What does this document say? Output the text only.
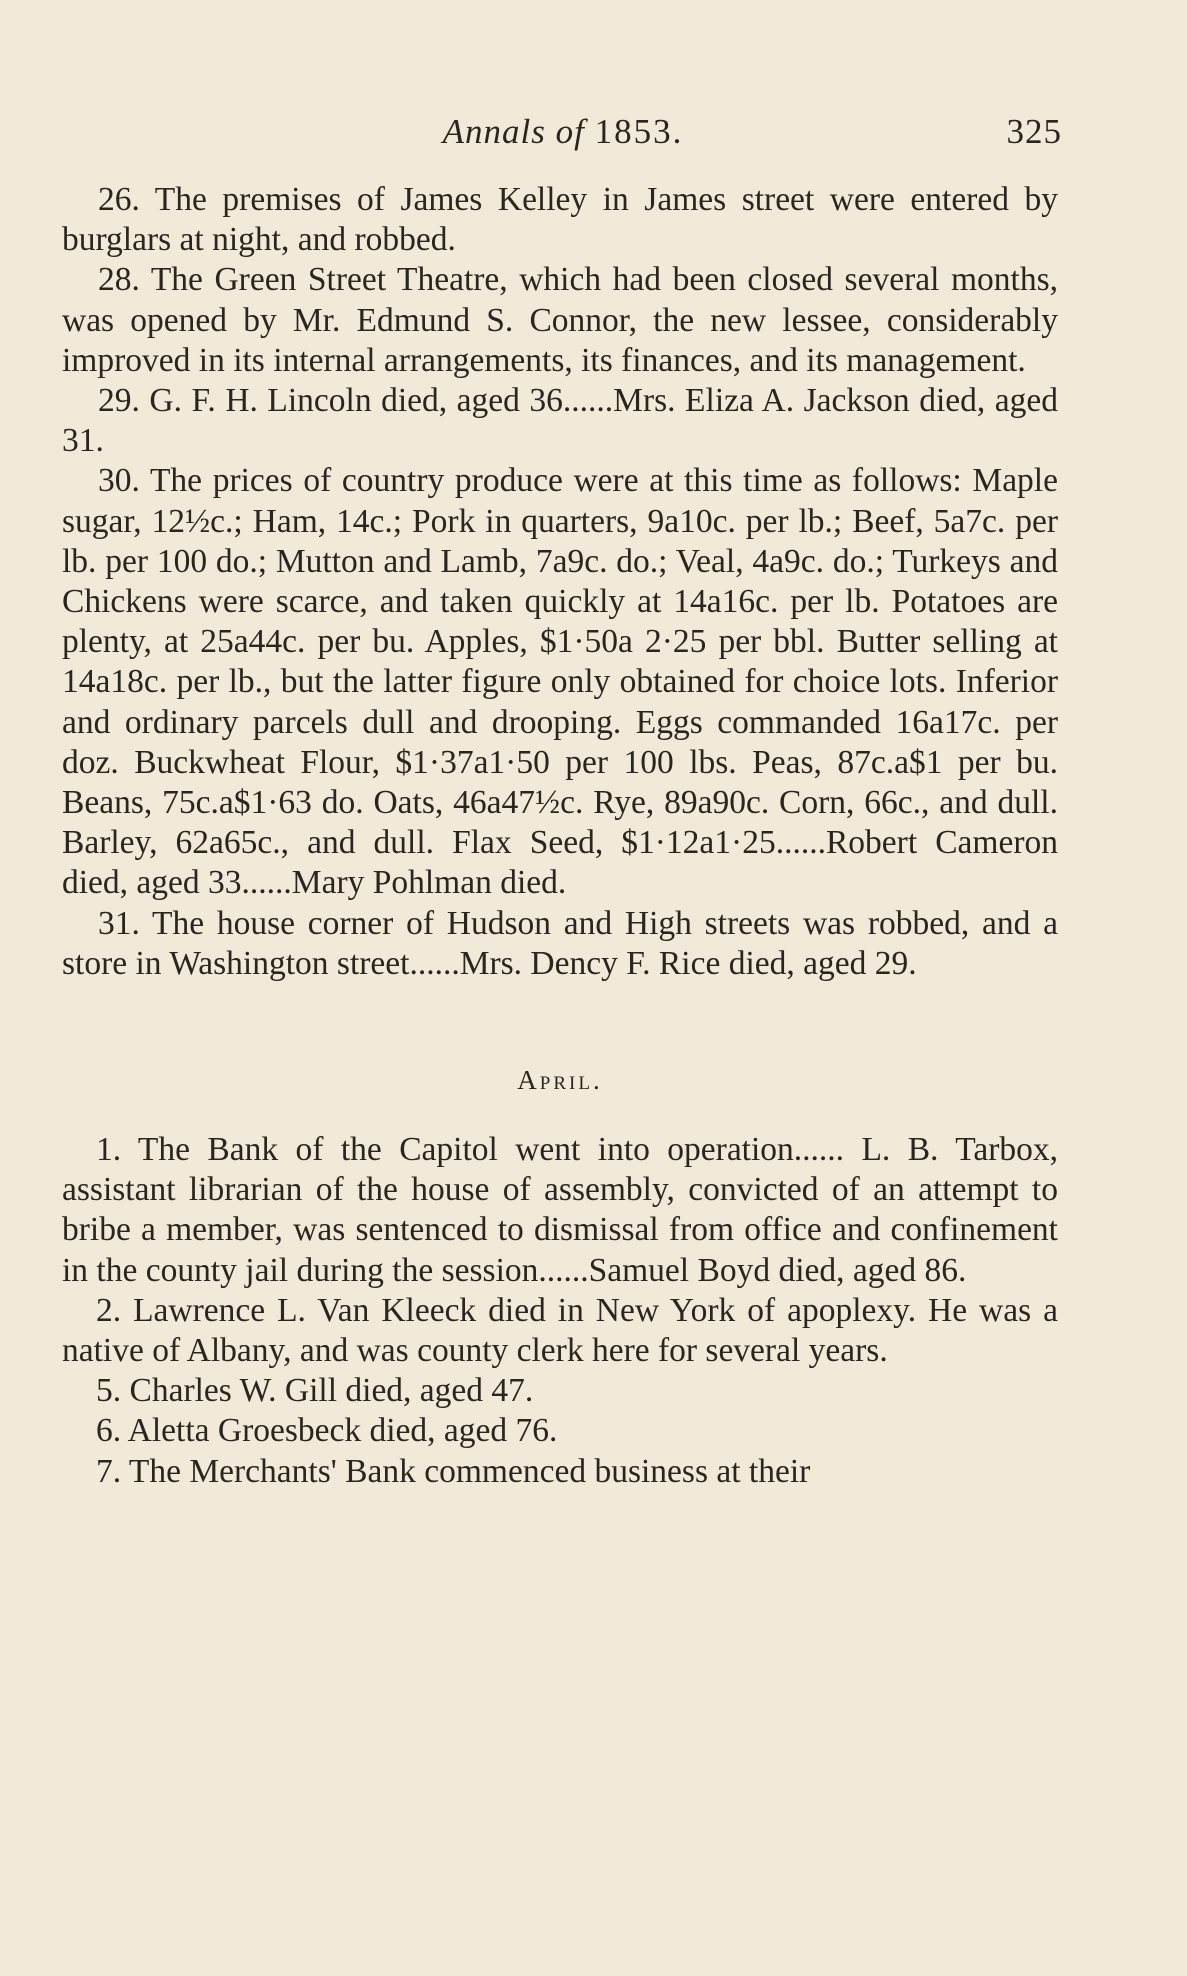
Annals of 1853.	325

26. The premises of James Kelley in James street were entered by burglars at night, and robbed.

28. The Green Street Theatre, which had been closed several months, was opened by Mr. Edmund S. Connor, the new lessee, considerably improved in its internal arrangements, its finances, and its management.

29. G. F. H. Lincoln died, aged 36......Mrs. Eliza A. Jackson died, aged 31.

30. The prices of country produce were at this time as follows: Maple sugar, 12½c.; Ham, 14c.; Pork in quarters, 9a10c. per lb.; Beef, 5a7c. per lb. per 100 do.; Mutton and Lamb, 7a9c. do.; Veal, 4a9c. do.; Turkeys and Chickens were scarce, and taken quickly at 14a16c. per lb. Potatoes are plenty, at 25a44c. per bu. Apples, $1·50a 2·25 per bbl. Butter selling at 14a18c. per lb., but the latter figure only obtained for choice lots. Inferior and ordinary parcels dull and drooping. Eggs commanded 16a17c. per doz. Buckwheat Flour, $1·37a1·50 per 100 lbs. Peas, 87c.a$1 per bu. Beans, 75c.a$1·63 do. Oats, 46a47½c. Rye, 89a90c. Corn, 66c., and dull. Barley, 62a65c., and dull. Flax Seed, $1·12a1·25......Robert Cameron died, aged 33......Mary Pohlman died.

31. The house corner of Hudson and High streets was robbed, and a store in Washington street......Mrs. Dency F. Rice died, aged 29.

April.

1. The Bank of the Capitol went into operation...... L. B. Tarbox, assistant librarian of the house of assembly, convicted of an attempt to bribe a member, was sentenced to dismissal from office and confinement in the county jail during the session......Samuel Boyd died, aged 86.

2. Lawrence L. Van Kleeck died in New York of apoplexy. He was a native of Albany, and was county clerk here for several years.

5. Charles W. Gill died, aged 47.

6. Aletta Groesbeck died, aged 76.

7. The Merchants' Bank commenced business at their
